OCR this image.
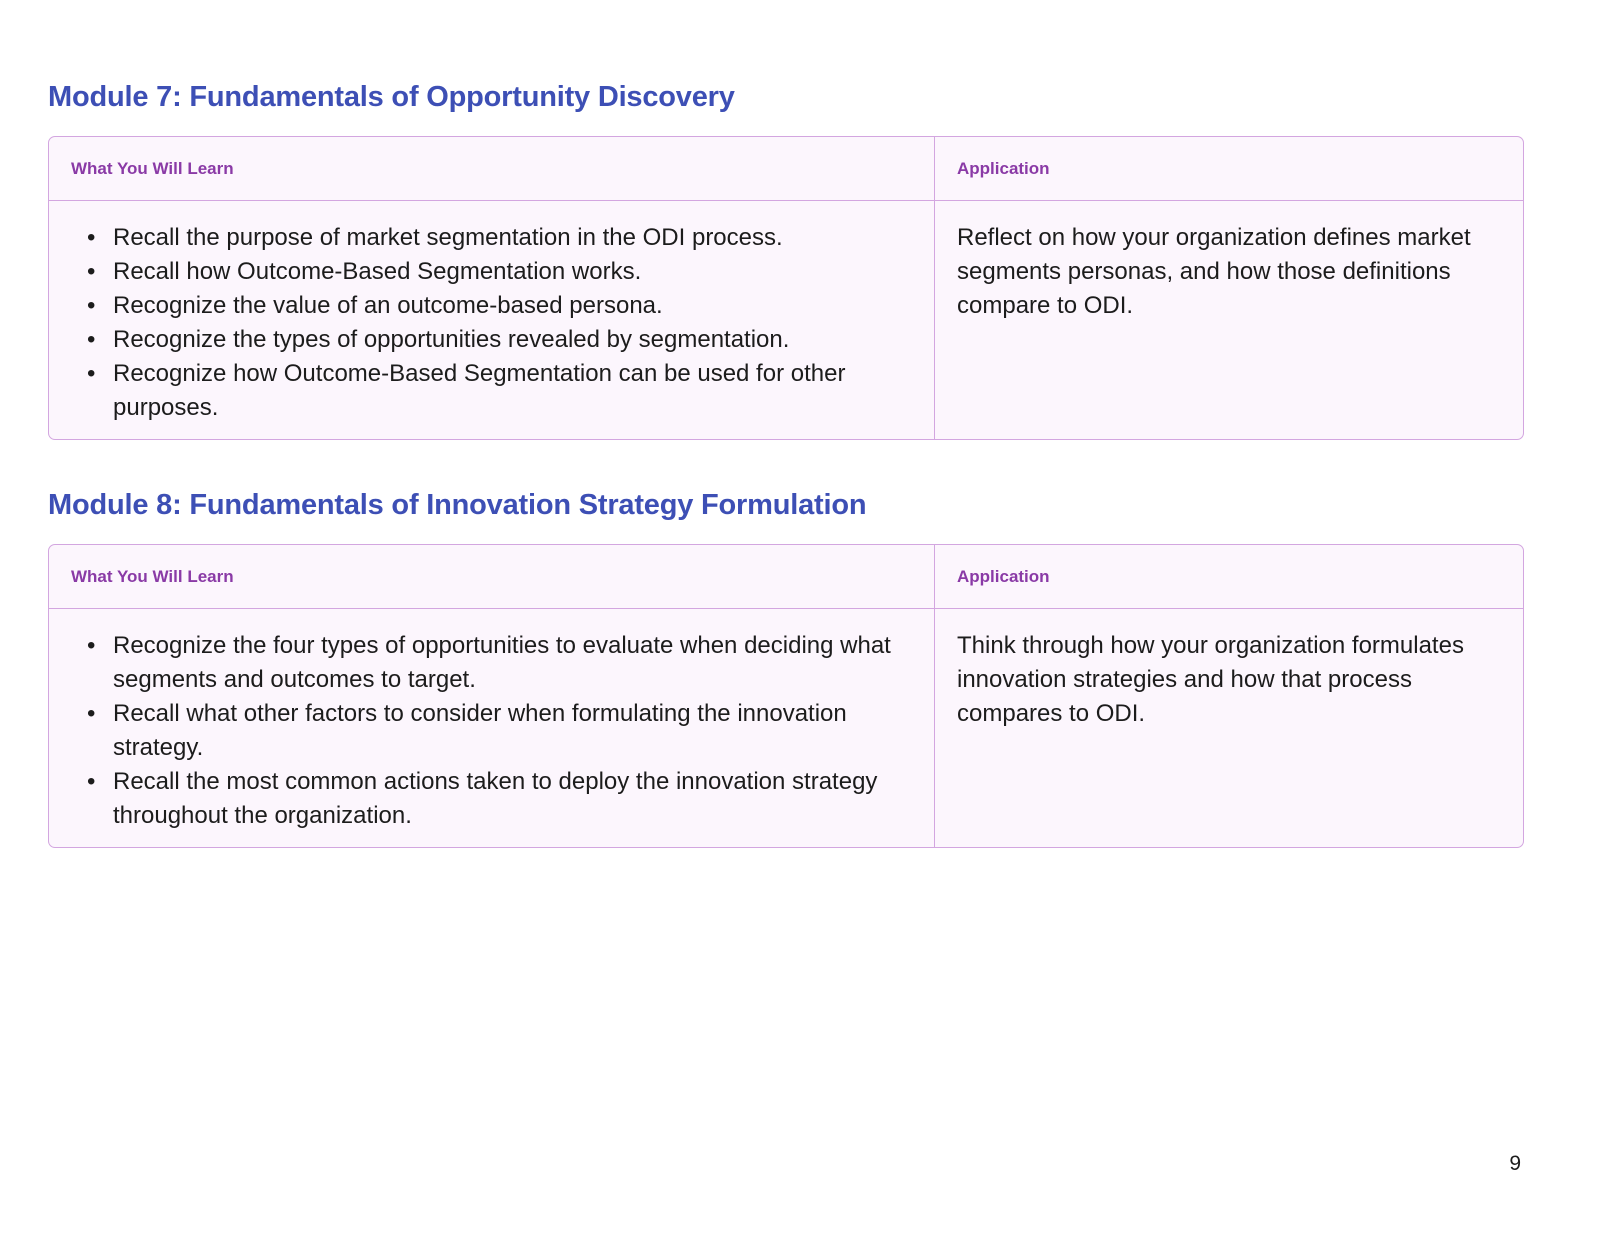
Module 7: Fundamentals of Opportunity Discovery
What You Will Learn	Application
• Recall the purpose of market segmentation in the ODI process.
• Recall how Outcome-Based Segmentation works.
• Recognize the value of an outcome-based persona.
• Recognize the types of opportunities revealed by segmentation.
• Recognize how Outcome-Based Segmentation can be used for other purposes.

Reflect on how your organization defines market segments personas, and how those definitions compare to ODI.

Module 8: Fundamentals of Innovation Strategy Formulation
What You Will Learn	Application
• Recognize the four types of opportunities to evaluate when deciding what segments and outcomes to target.
• Recall what other factors to consider when formulating the innovation strategy.
• Recall the most common actions taken to deploy the innovation strategy throughout the organization.

Think through how your organization formulates innovation strategies and how that process compares to ODI.

9
